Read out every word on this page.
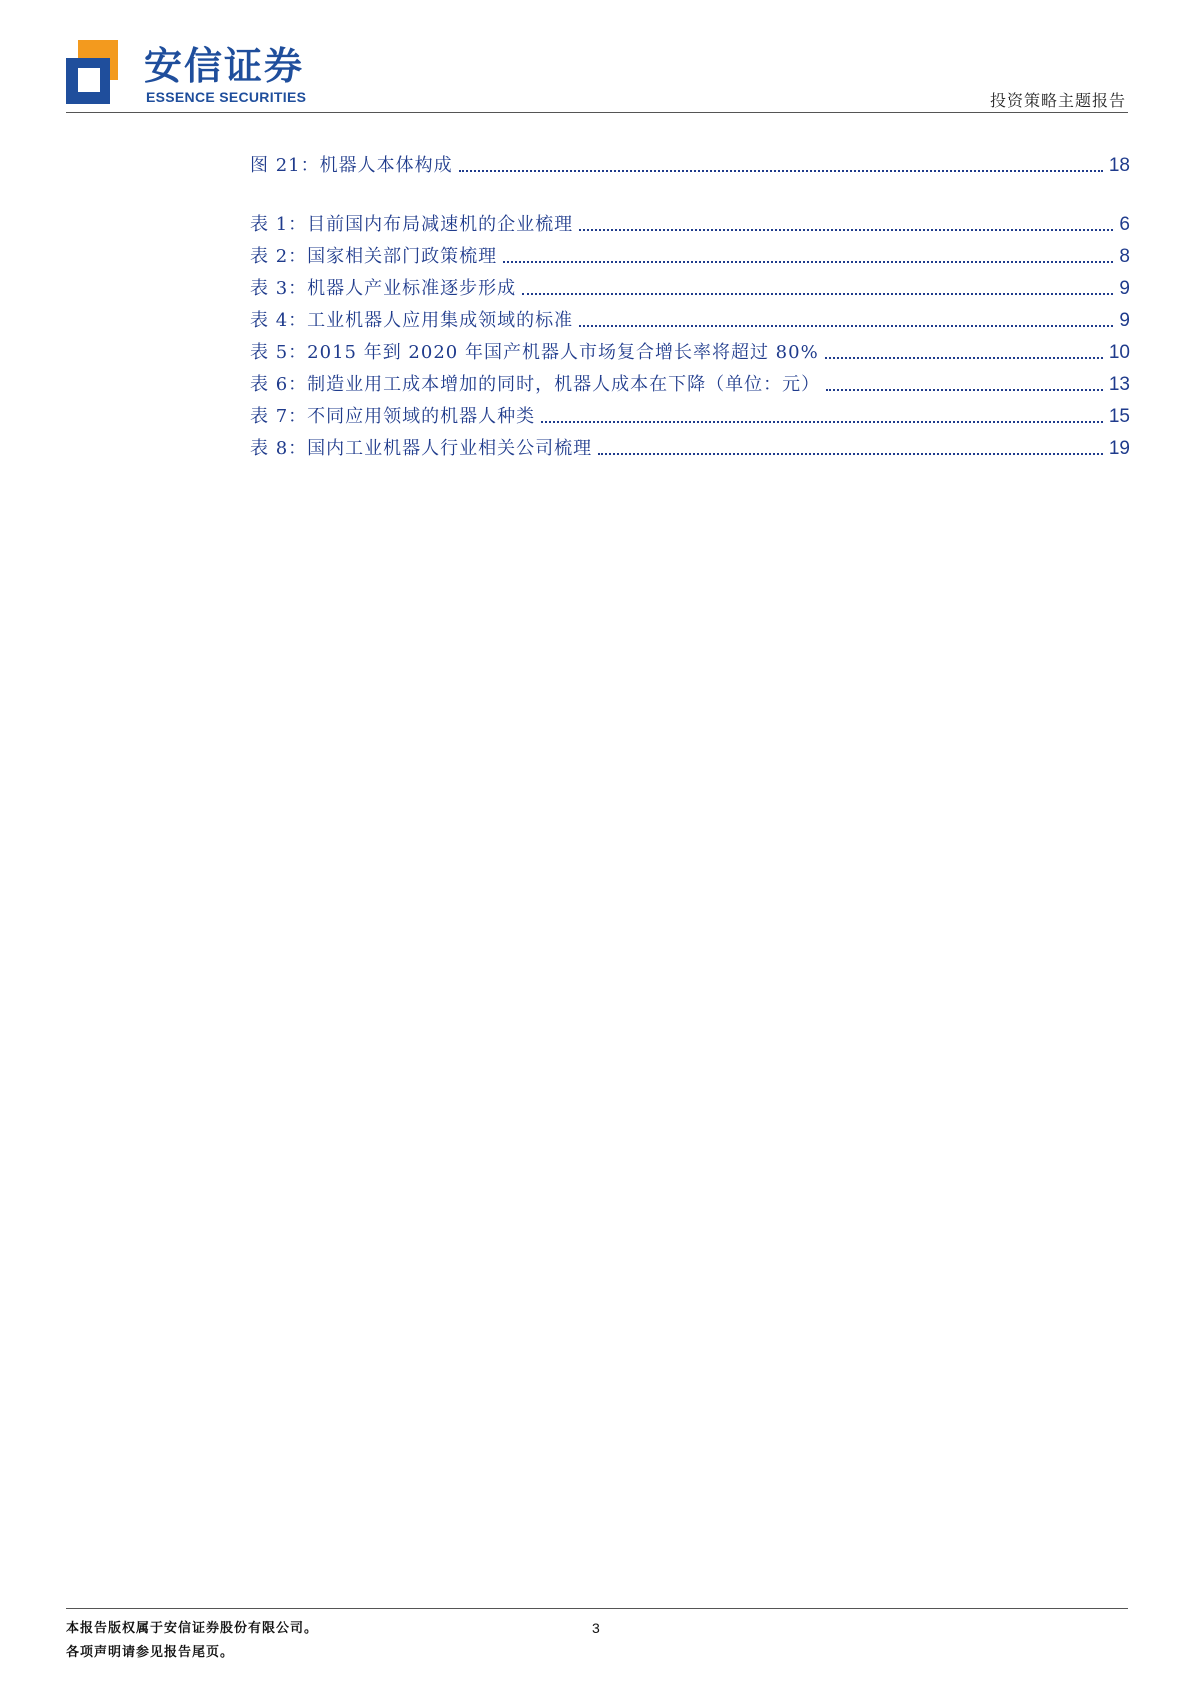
安信证券
ESSENCE SECURITIES	投资策略主题报告
图 21：机器人本体构成	18
表 1：目前国内布局减速机的企业梳理	6
表 2：国家相关部门政策梳理	8
表 3：机器人产业标准逐步形成	9
表 4：工业机器人应用集成领域的标准	9
表 5：2015 年到 2020 年国产机器人市场复合增长率将超过 80%	10
表 6：制造业用工成本增加的同时，机器人成本在下降（单位：元）	13
表 7：不同应用领域的机器人种类	15
表 8：国内工业机器人行业相关公司梳理	19
本报告版权属于安信证券股份有限公司。
各项声明请参见报告尾页。
3
